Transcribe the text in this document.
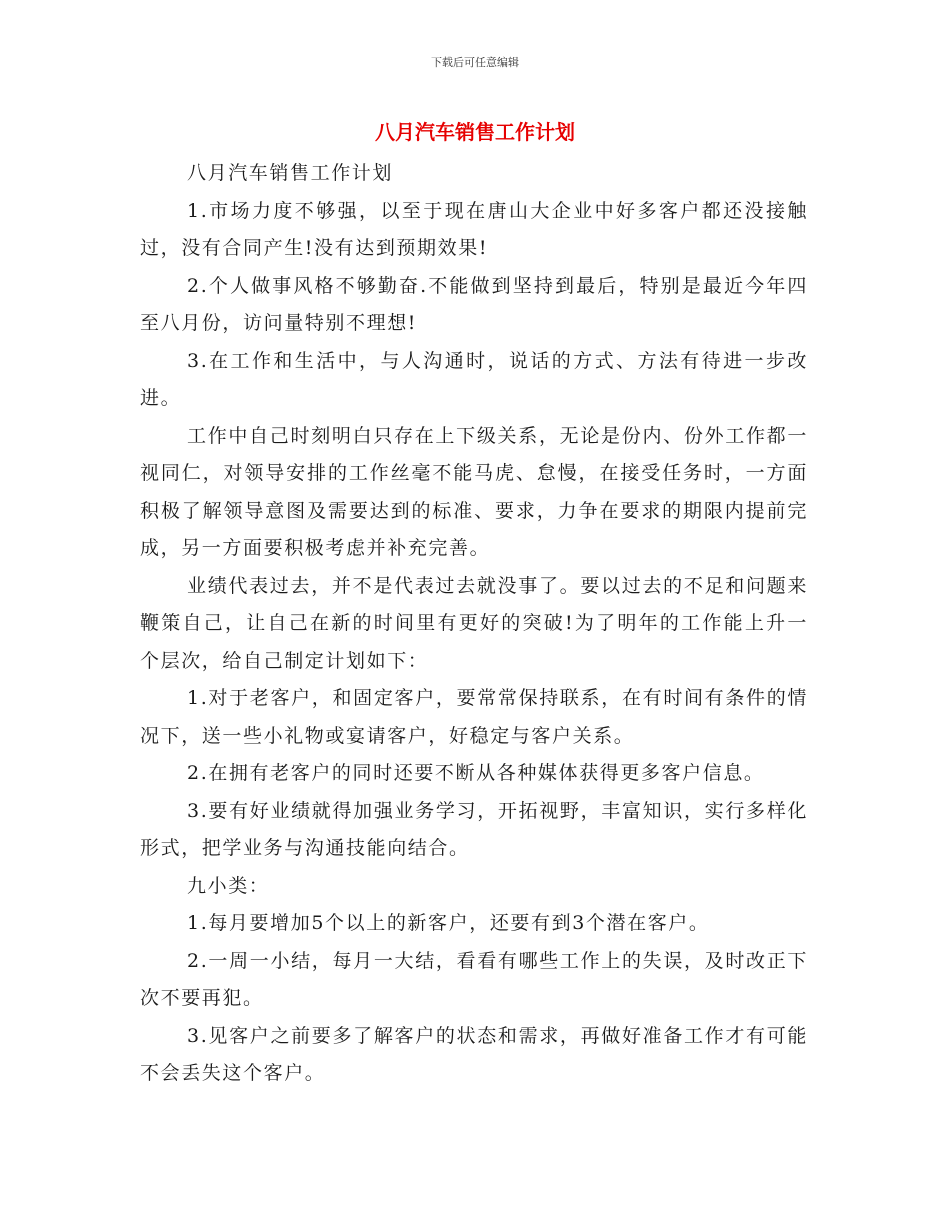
下载后可任意编辑
八月汽车销售工作计划

八月汽车销售工作计划

1.市场力度不够强，以至于现在唐山大企业中好多客户都还没接触过，没有合同产生!没有达到预期效果!

2.个人做事风格不够勤奋.不能做到坚持到最后，特别是最近今年四至八月份，访问量特别不理想!

3.在工作和生活中，与人沟通时，说话的方式、方法有待进一步改进。

工作中自己时刻明白只存在上下级关系，无论是份内、份外工作都一视同仁，对领导安排的工作丝毫不能马虎、怠慢，在接受任务时，一方面积极了解领导意图及需要达到的标准、要求，力争在要求的期限内提前完成，另一方面要积极考虑并补充完善。

业绩代表过去，并不是代表过去就没事了。要以过去的不足和问题来鞭策自己，让自己在新的时间里有更好的突破!为了明年的工作能上升一个层次，给自己制定计划如下：

1.对于老客户，和固定客户，要常常保持联系，在有时间有条件的情况下，送一些小礼物或宴请客户，好稳定与客户关系。

2.在拥有老客户的同时还要不断从各种媒体获得更多客户信息。

3.要有好业绩就得加强业务学习，开拓视野，丰富知识，实行多样化形式，把学业务与沟通技能向结合。

九小类：

1.每月要增加5个以上的新客户，还要有到3个潜在客户。

2.一周一小结，每月一大结，看看有哪些工作上的失误，及时改正下次不要再犯。

3.见客户之前要多了解客户的状态和需求，再做好准备工作才有可能不会丢失这个客户。
